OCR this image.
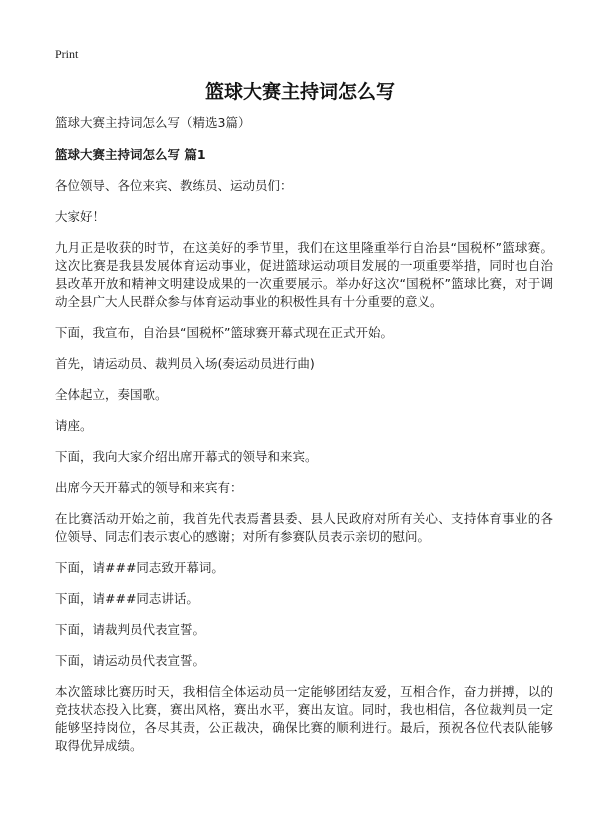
Print
篮球大赛主持词怎么写

篮球大赛主持词怎么写（精选3篇）

篮球大赛主持词怎么写 篇1

各位领导、各位来宾、教练员、运动员们：

大家好！

九月正是收获的时节，在这美好的季节里，我们在这里隆重举行自治县“国税杯”篮球赛。这次比赛是我县发展体育运动事业，促进篮球运动项目发展的一项重要举措，同时也自治县改革开放和精神文明建设成果的一次重要展示。举办好这次“国税杯”篮球比赛，对于调动全县广大人民群众参与体育运动事业的积极性具有十分重要的意义。

下面，我宣布，自治县“国税杯”篮球赛开幕式现在正式开始。

首先，请运动员、裁判员入场(奏运动员进行曲)

全体起立，奏国歌。

请座。

下面，我向大家介绍出席开幕式的领导和来宾。

出席今天开幕式的领导和来宾有：

在比赛活动开始之前，我首先代表焉耆县委、县人民政府对所有关心、支持体育事业的各位领导、同志们表示衷心的感谢；对所有参赛队员表示亲切的慰问。

下面，请###同志致开幕词。

下面，请###同志讲话。

下面，请裁判员代表宣誓。

下面，请运动员代表宣誓。

本次篮球比赛历时天，我相信全体运动员一定能够团结友爱，互相合作，奋力拼搏，以的竞技状态投入比赛，赛出风格，赛出水平，赛出友谊。同时，我也相信，各位裁判员一定能够坚持岗位，各尽其责，公正裁决，确保比赛的顺利进行。最后，预祝各位代表队能够取得优异成绩。
